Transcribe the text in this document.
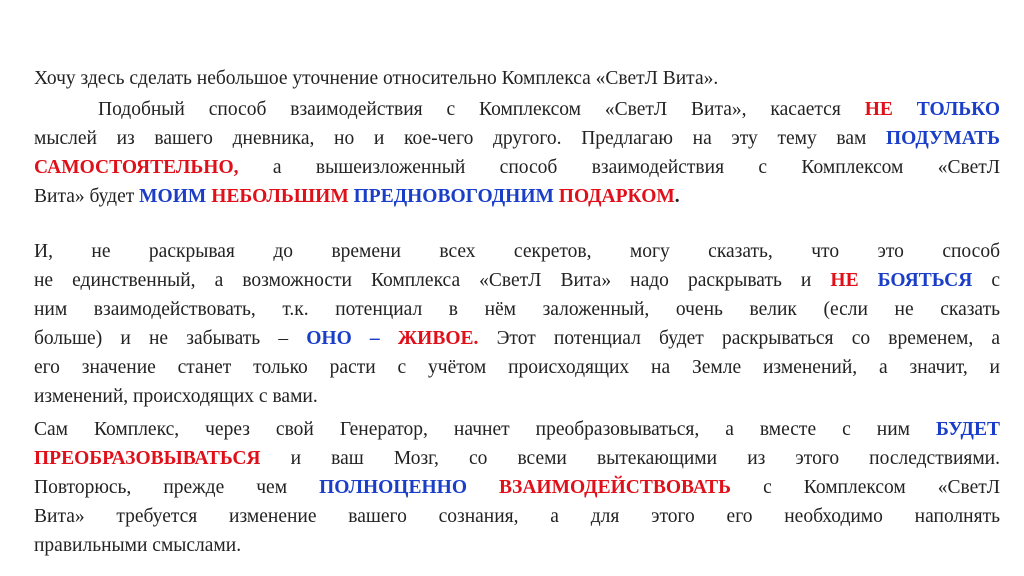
Хочу здесь сделать небольшое уточнение относительно Комплекса «СветЛ Вита».
Подобный способ взаимодействия с Комплексом «СветЛ Вита», касается НЕ ТОЛЬКО
мыслей из вашего дневника, но и кое-чего другого. Предлагаю на эту тему вам ПОДУМАТЬ
САМОСТОЯТЕЛЬНО, а вышеизложенный способ взаимодействия с Комплексом «СветЛ
Вита» будет МОИМ НЕБОЛЬШИМ ПРЕДНОВОГОДНИМ ПОДАРКОМ.
И, не раскрывая до времени всех секретов, могу сказать, что это способ
не единственный, а возможности Комплекса «СветЛ Вита» надо раскрывать и НЕ БОЯТЬСЯ с
ним взаимодействовать, т.к. потенциал в нём заложенный, очень велик (если не сказать
больше) и не забывать – ОНО – ЖИВОЕ. Этот потенциал будет раскрываться со временем, а
его значение станет только расти с учётом происходящих на Земле изменений, а значит, и
изменений, происходящих с вами.
Сам Комплекс, через свой Генератор, начнет преобразовываться, а вместе с ним БУДЕТ
ПРЕОБРАЗОВЫВАТЬСЯ и ваш Мозг, со всеми вытекающими из этого последствиями.
Повторюсь, прежде чем ПОЛНОЦЕННО ВЗАИМОДЕЙСТВОВАТЬ с Комплексом «СветЛ
Вита» требуется изменение вашего сознания, а для этого его необходимо наполнять
правильными смыслами.
